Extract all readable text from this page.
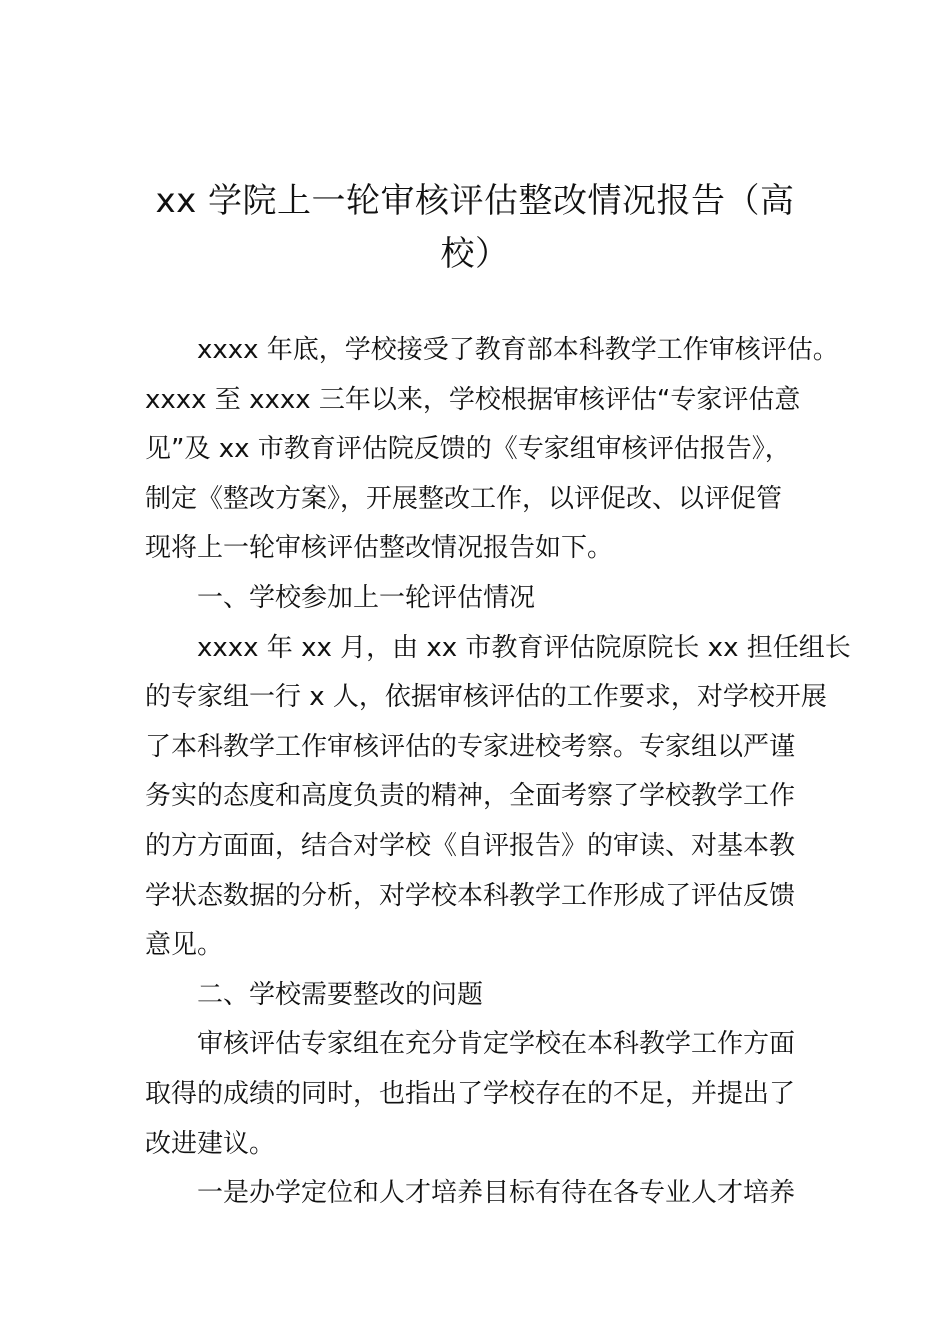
xx 学院上一轮审核评估整改情况报告（高
校）
xxxx 年底，学校接受了教育部本科教学工作审核评估。
xxxx 至 xxxx 三年以来，学校根据审核评估“专家评估意
见”及 xx 市教育评估院反馈的《专家组审核评估报告》，
制定《整改方案》，开展整改工作，以评促改、以评促管
现将上一轮审核评估整改情况报告如下。
一、学校参加上一轮评估情况
xxxx 年 xx 月，由 xx 市教育评估院原院长 xx 担任组长
的专家组一行 x 人，依据审核评估的工作要求，对学校开展
了本科教学工作审核评估的专家进校考察。专家组以严谨
务实的态度和高度负责的精神，全面考察了学校教学工作
的方方面面，结合对学校《自评报告》的审读、对基本教
学状态数据的分析，对学校本科教学工作形成了评估反馈
意见。
二、学校需要整改的问题
审核评估专家组在充分肯定学校在本科教学工作方面
取得的成绩的同时，也指出了学校存在的不足，并提出了
改进建议。
一是办学定位和人才培养目标有待在各专业人才培养
